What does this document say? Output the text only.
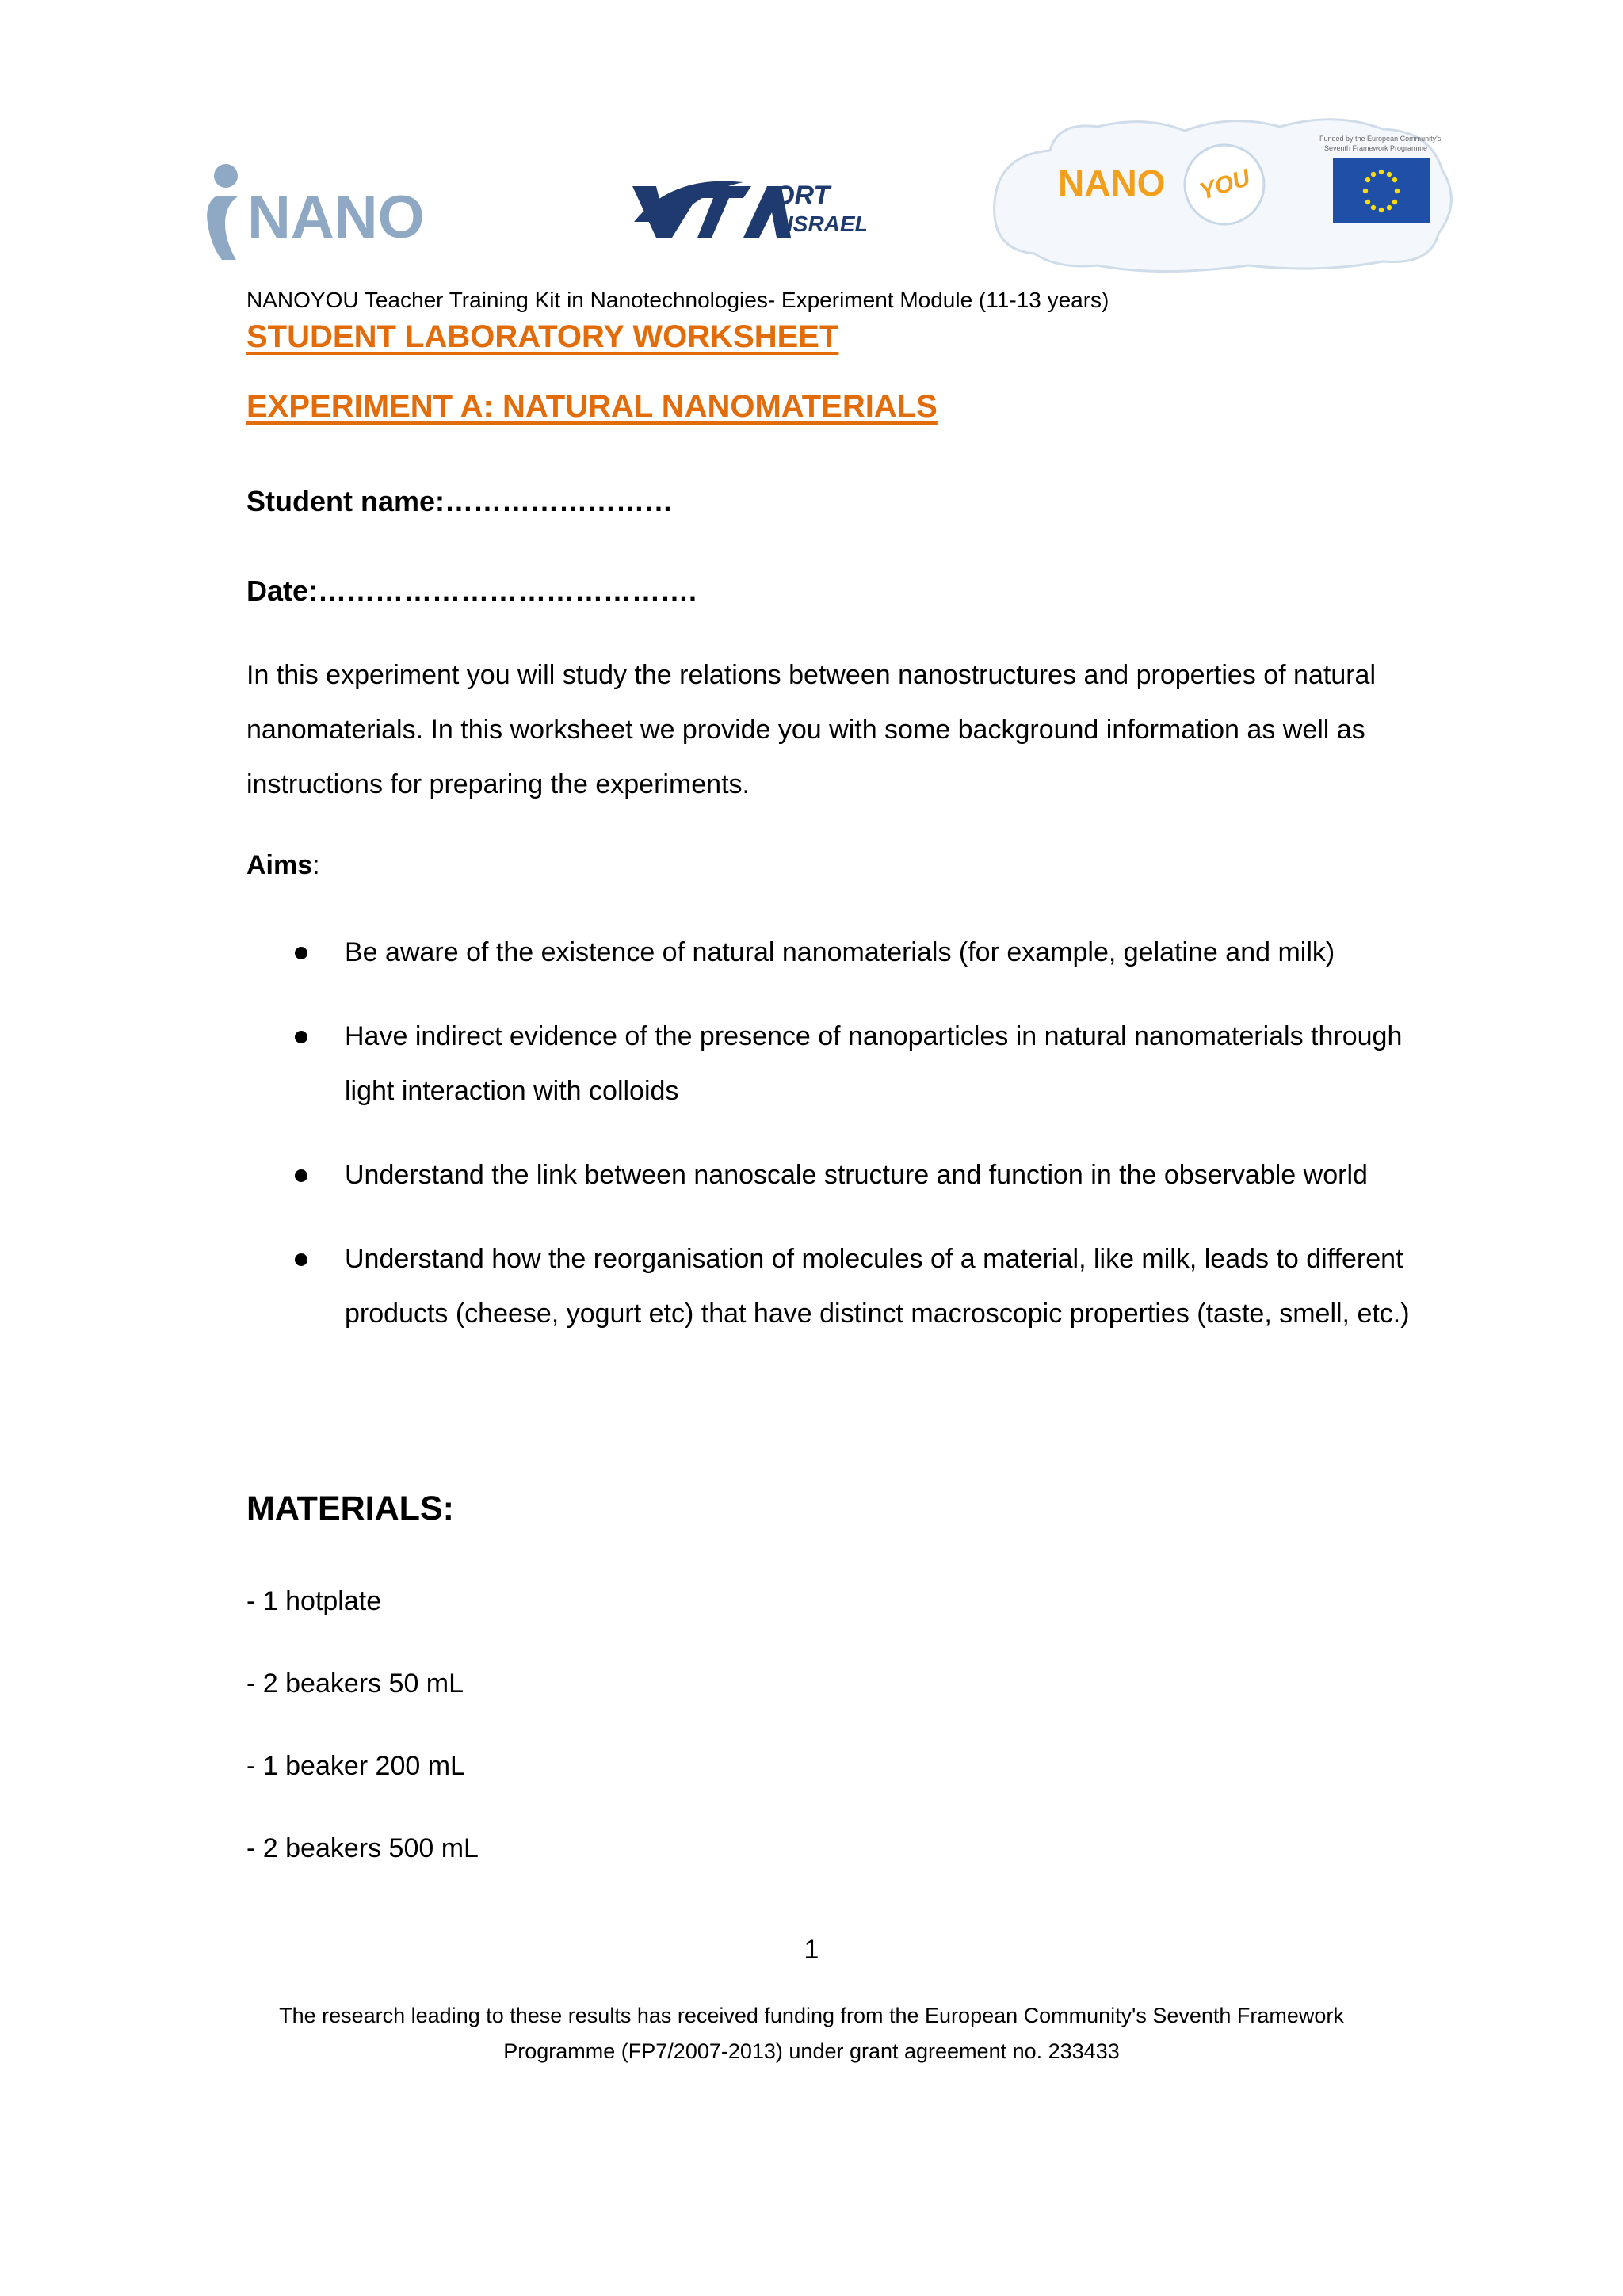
NANO	ORT
ISRAEL
NANO YOU
Funded by the European Community's
Seventh Framework Programme
NANOYOU Teacher Training Kit in Nanotechnologies- Experiment Module (11-13 years)
STUDENT LABORATORY WORKSHEET
EXPERIMENT A: NATURAL NANOMATERIALS
Student name:……………………
Date:………………………………….
In this experiment you will study the relations between nanostructures and properties of natural nanomaterials. In this worksheet we provide you with some background information as well as instructions for preparing the experiments.
Aims:
Be aware of the existence of natural nanomaterials (for example, gelatine and milk)
Have indirect evidence of the presence of nanoparticles in natural nanomaterials through light interaction with colloids
Understand the link between nanoscale structure and function in the observable world
Understand how the reorganisation of molecules of a material, like milk, leads to different products (cheese, yogurt etc) that have distinct macroscopic properties (taste, smell, etc.)
MATERIALS:
- 1 hotplate
- 2 beakers 50 mL
- 1 beaker 200 mL
- 2 beakers 500 mL
1
The research leading to these results has received funding from the European Community's Seventh Framework
Programme (FP7/2007-2013) under grant agreement no. 233433
